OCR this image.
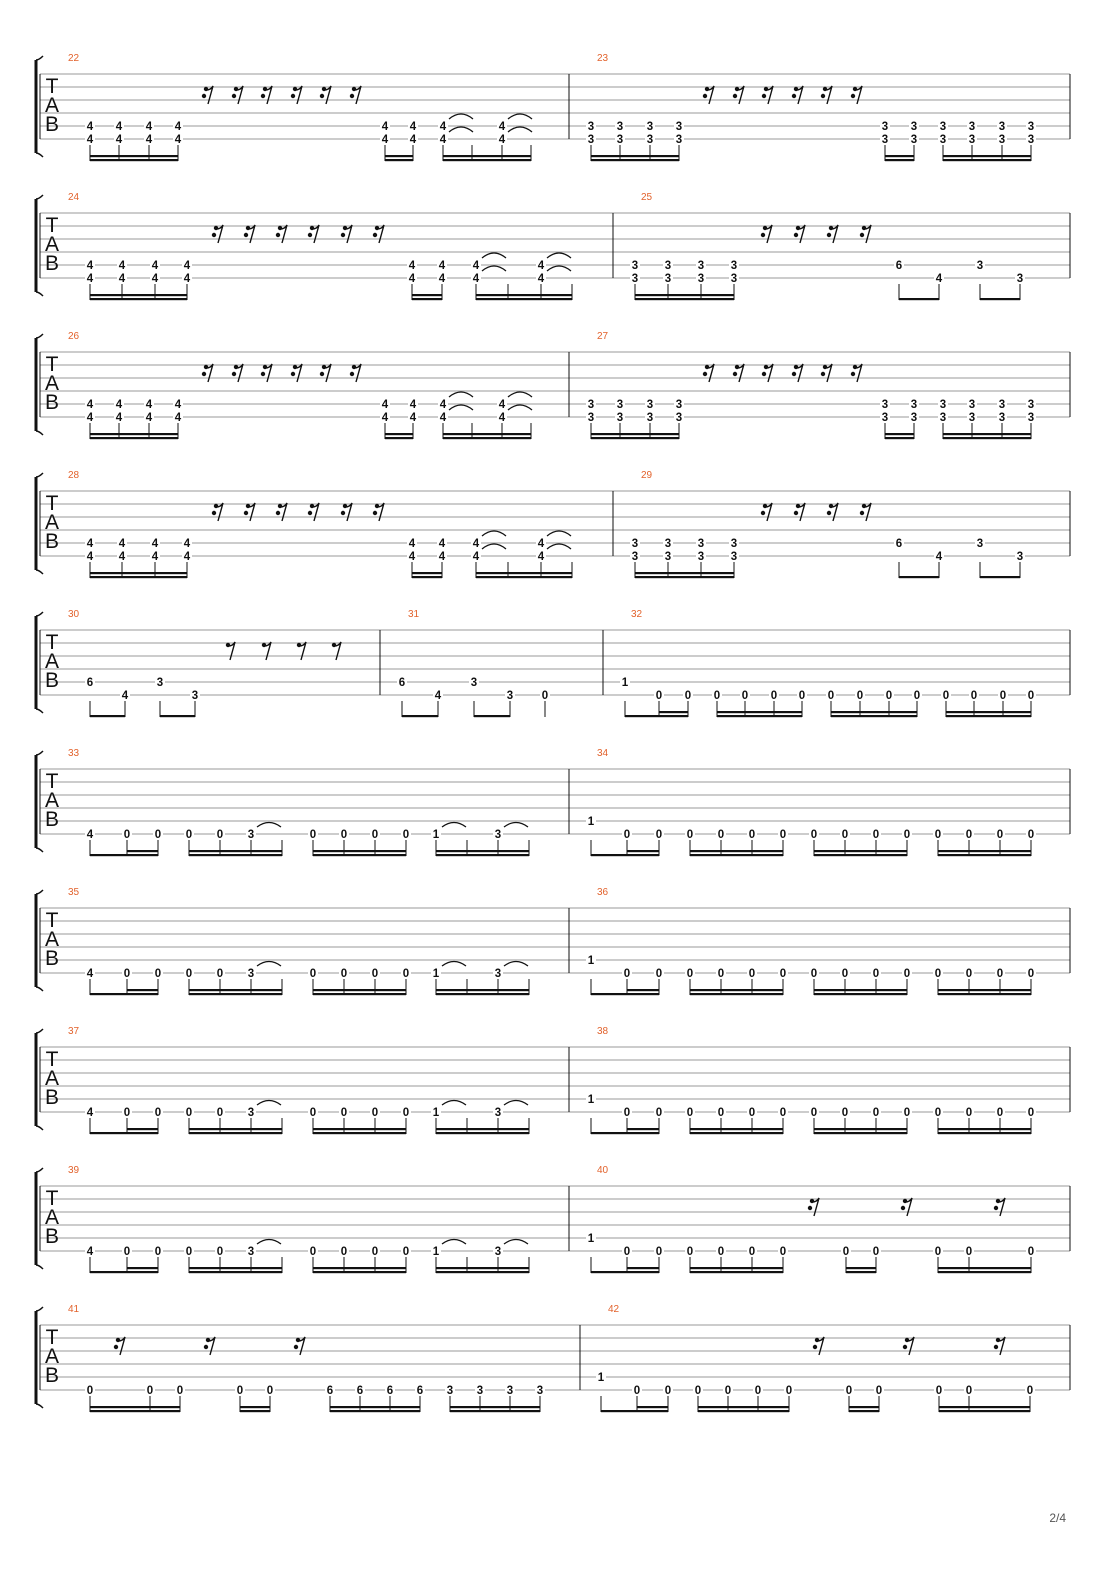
T
A
B
22
4
4
4
4
4
4
4
4
4
4
4
4
4
4
4
4
23
3
3
3
3
3
3
3
3
3
3
3
3
3
3
3
3
3
3
3
3
T
A
B
24
4
4
4
4
4
4
4
4
4
4
4
4
4
4
4
4
25
3
3
3
3
3
3
3
3
6
4
3
3
T
A
B
26
4
4
4
4
4
4
4
4
4
4
4
4
4
4
4
4
27
3
3
3
3
3
3
3
3
3
3
3
3
3
3
3
3
3
3
3
3
T
A
B
28
4
4
4
4
4
4
4
4
4
4
4
4
4
4
4
4
29
3
3
3
3
3
3
3
3
6
4
3
3
T
A
B
30
6
4
3
3
31
6
4
3
3 0
32
1
0 0 0 0 0 0 0 0 0 0 0 0 0 0
T
A
B
33
4	0 0 0 0 3	0 0 0 0 1	3
34
1
0 0 0 0 0 0 0 0 0 0 0 0 0 0
T
A
B
35
4	0 0 0 0 3	0 0 0 0 1	3
36
1
0 0 0 0 0 0 0 0 0 0 0 0 0 0
T
A
B
37
4	0 0 0 0 3	0 0 0 0 1	3
38
1
0 0 0 0 0 0 0 0 0 0 0 0 0 0
T
A
B
39
4	0 0 0 0 3	0 0 0 0 1	3
40
1
0 0 0 0 0 0	0 0	0 0	0
T
A
B
41
0	0 0	0 0	6 6 6 6 3 3 3 3
42
1
0 0 0 0 0 0	0 0	0 0	0
2/4
